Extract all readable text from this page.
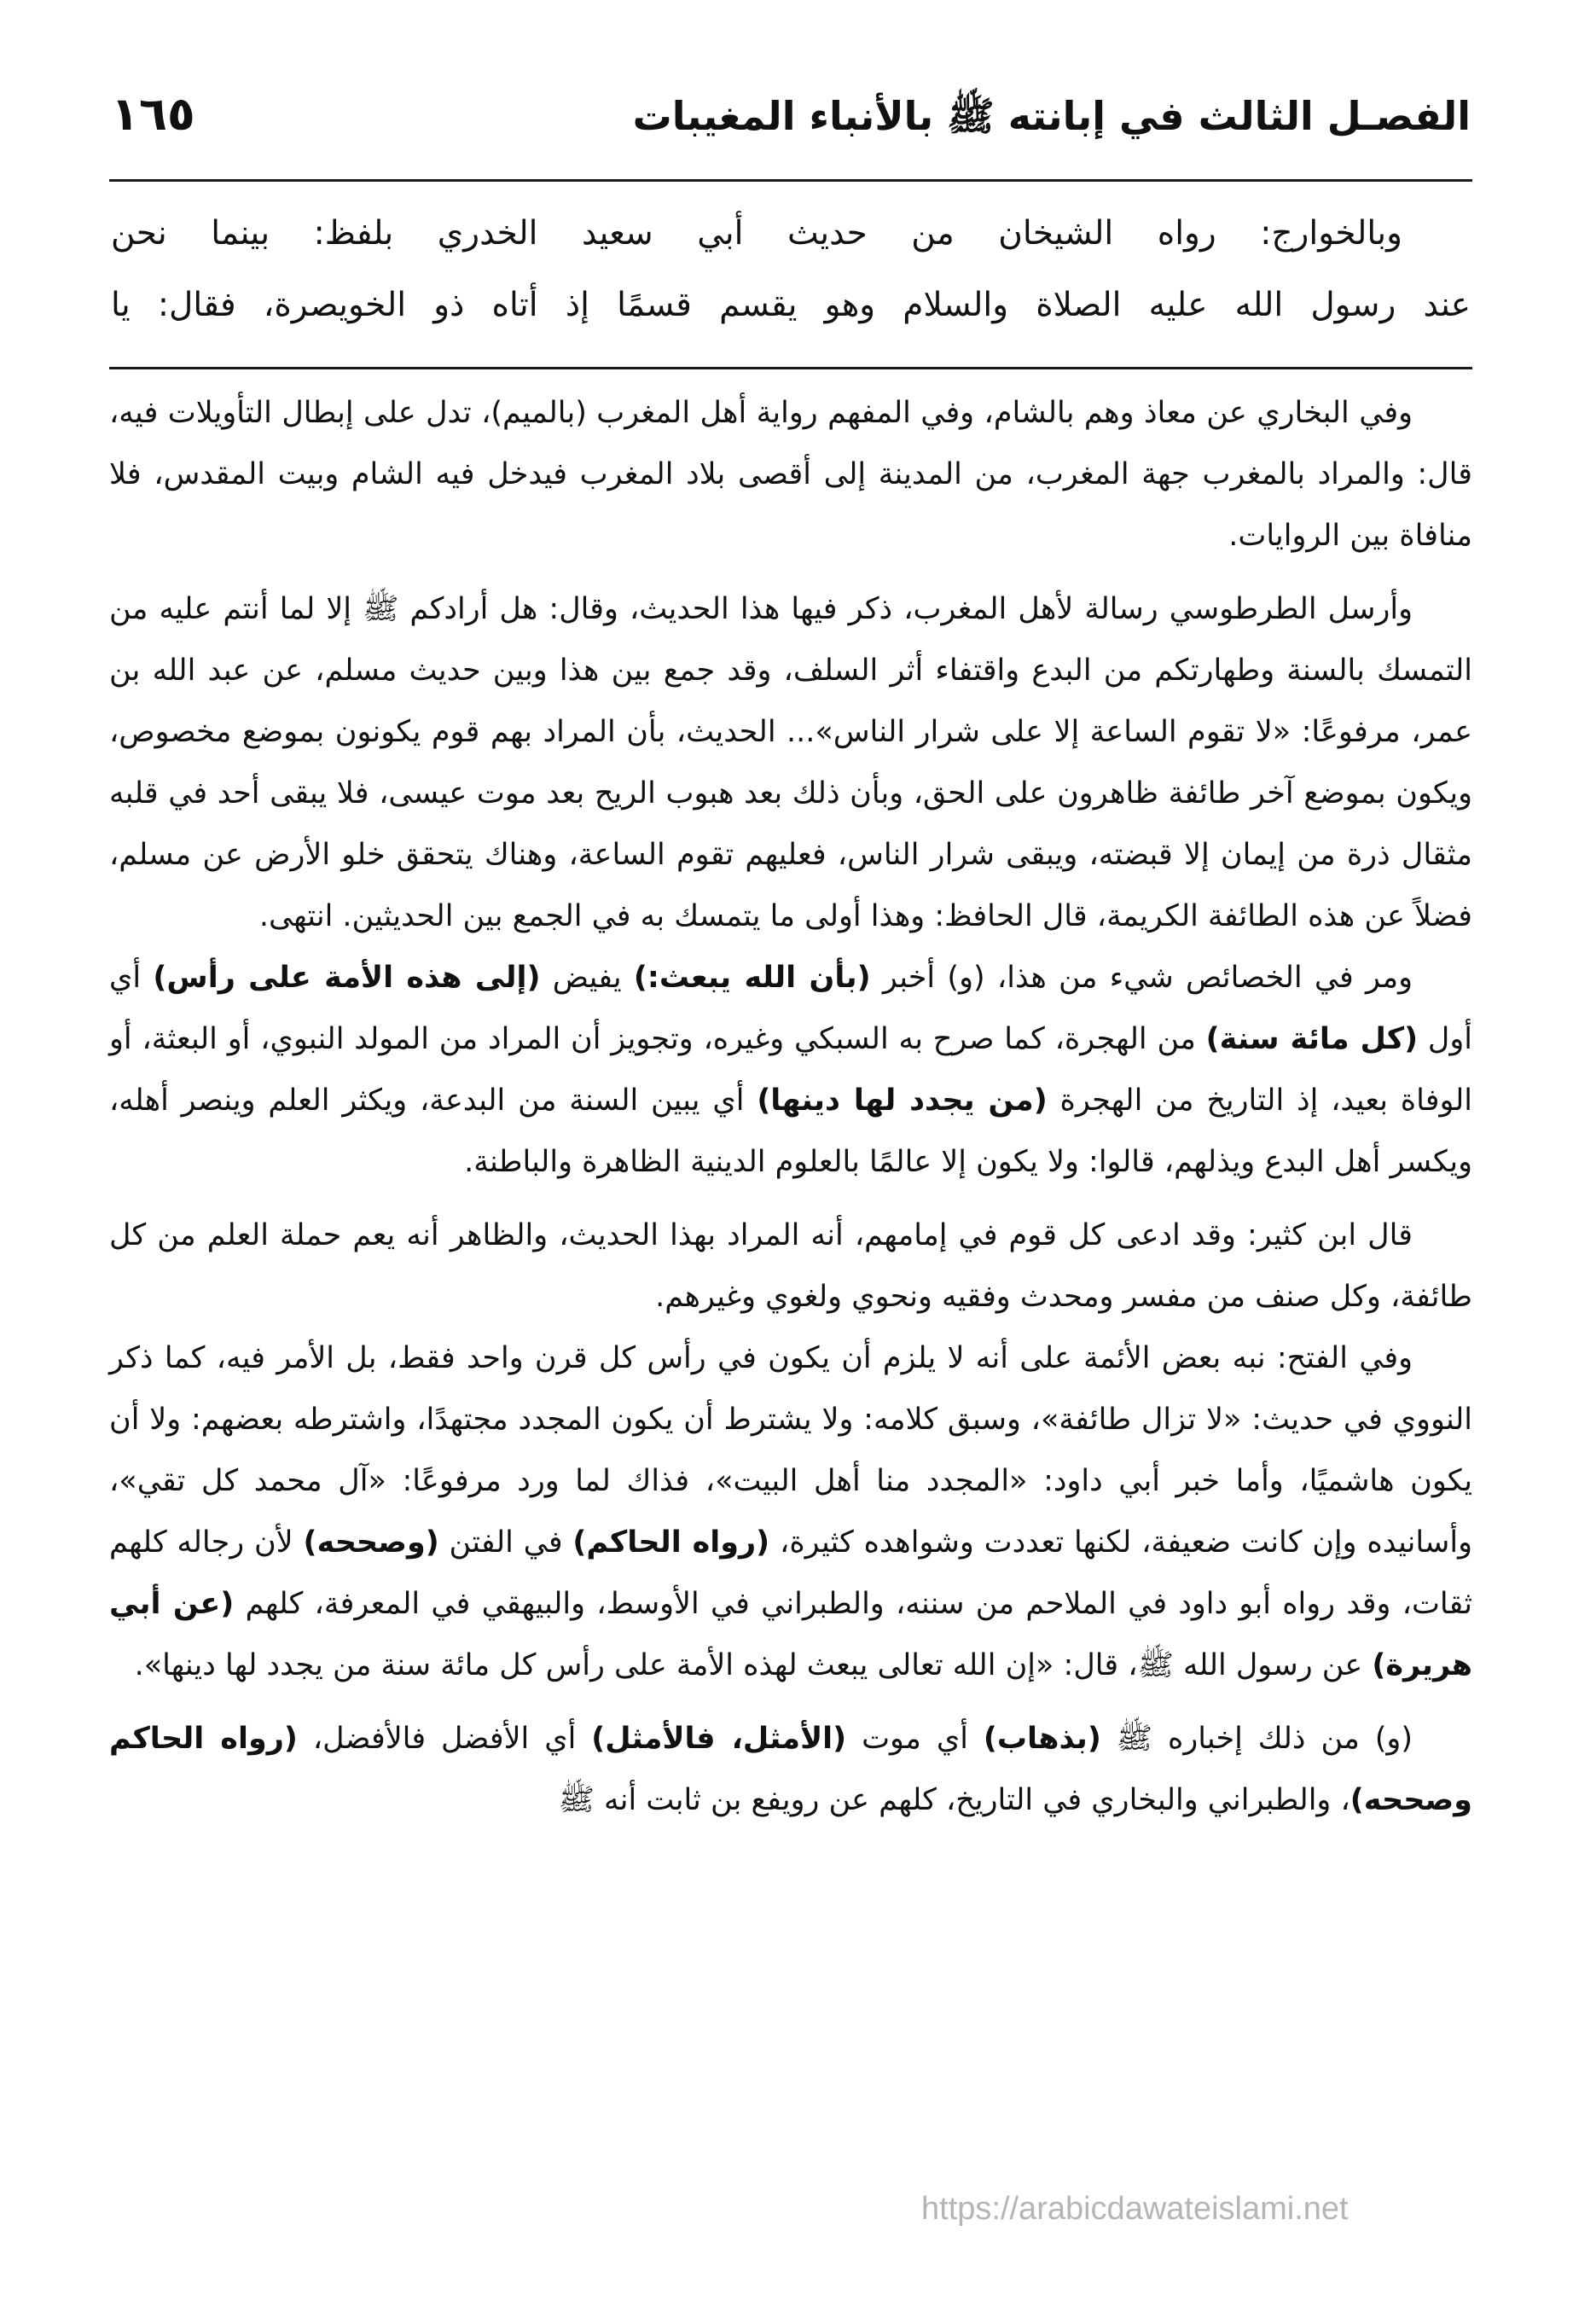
الفصـل الثالث في إبانته ﷺ بالأنباء المغيبات
١٦٥

وبالخوارج: رواه الشيخان من حديث أبي سعيد الخدري بلفظ: بينما نحن

عند رسول الله عليه الصلاة والسلام وهو يقسم قسمًا إذ أتاه ذو الخويصرة، فقال: يا

وفي البخاري عن معاذ وهم بالشام، وفي المفهم رواية أهل المغرب (بالميم)، تدل على إبطال التأويلات فيه، قال: والمراد بالمغرب جهة المغرب، من المدينة إلى أقصى بلاد المغرب فيدخل فيه الشام وبيت المقدس، فلا منافاة بين الروايات.

وأرسل الطرطوسي رسالة لأهل المغرب، ذكر فيها هذا الحديث، وقال: هل أرادكم ﷺ إلا لما أنتم عليه من التمسك بالسنة وطهارتكم من البدع واقتفاء أثر السلف، وقد جمع بين هذا وبين حديث مسلم، عن عبد الله بن عمر، مرفوعًا: «لا تقوم الساعة إلا على شرار الناس»... الحديث، بأن المراد بهم قوم يكونون بموضع مخصوص، ويكون بموضع آخر طائفة ظاهرون على الحق، وبأن ذلك بعد هبوب الريح بعد موت عيسى، فلا يبقى أحد في قلبه مثقال ذرة من إيمان إلا قبضته، ويبقى شرار الناس، فعليهم تقوم الساعة، وهناك يتحقق خلو الأرض عن مسلم، فضلاً عن هذه الطائفة الكريمة، قال الحافظ: وهذا أولى ما يتمسك به في الجمع بين الحديثين. انتهى.

ومر في الخصائص شيء من هذا، (و) أخبر (بأن الله يبعث:) يفيض (إلى هذه الأمة على رأس) أي أول (كل مائة سنة) من الهجرة، كما صرح به السبكي وغيره، وتجويز أن المراد من المولد النبوي، أو البعثة، أو الوفاة بعيد، إذ التاريخ من الهجرة (من يجدد لها دينها) أي يبين السنة من البدعة، ويكثر العلم وينصر أهله، ويكسر أهل البدع ويذلهم، قالوا: ولا يكون إلا عالمًا بالعلوم الدينية الظاهرة والباطنة.

قال ابن كثير: وقد ادعى كل قوم في إمامهم، أنه المراد بهذا الحديث، والظاهر أنه يعم حملة العلم من كل طائفة، وكل صنف من مفسر ومحدث وفقيه ونحوي ولغوي وغيرهم.

وفي الفتح: نبه بعض الأئمة على أنه لا يلزم أن يكون في رأس كل قرن واحد فقط، بل الأمر فيه، كما ذكر النووي في حديث: «لا تزال طائفة»، وسبق كلامه: ولا يشترط أن يكون المجدد مجتهدًا، واشترطه بعضهم: ولا أن يكون هاشميًا، وأما خبر أبي داود: «المجدد منا أهل البيت»، فذاك لما ورد مرفوعًا: «آل محمد كل تقي»، وأسانيده وإن كانت ضعيفة، لكنها تعددت وشواهده كثيرة، (رواه الحاكم) في الفتن (وصححه) لأن رجاله كلهم ثقات، وقد رواه أبو داود في الملاحم من سننه، والطبراني في الأوسط، والبيهقي في المعرفة، كلهم (عن أبي هريرة) عن رسول الله ﷺ، قال: «إن الله تعالى يبعث لهذه الأمة على رأس كل مائة سنة من يجدد لها دينها».

(و) من ذلك إخباره ﷺ (بذهاب) أي موت (الأمثل، فالأمثل) أي الأفضل فالأفضل، (رواه الحاكم وصححه)، والطبراني والبخاري في التاريخ، كلهم عن رويفع بن ثابت أنه ﷺ

https://arabicdawateislami.net
